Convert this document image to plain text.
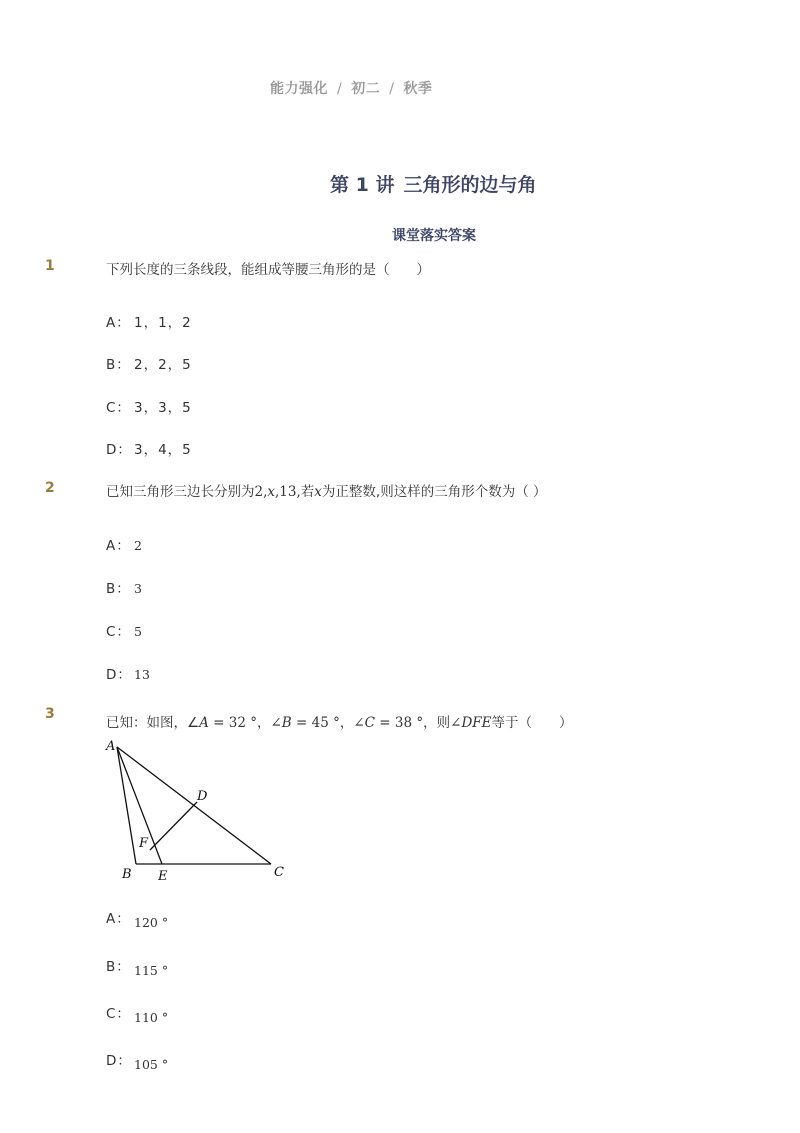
能力强化 / 初二 / 秋季
第 1 讲 三角形的边与角
课堂落实答案
1	下列长度的三条线段，能组成等腰三角形的是（　　）
A： 1，1，2
B： 2，2，5
C： 3，3，5
D： 3，4，5
2	已知三角形三边长分别为2,x,13,若x为正整数,则这样的三角形个数为（ ）
A： 2
B： 3
C： 5
D： 13
3
已知：如图，∠A = 32 °，∠B = 45 °，∠C = 38 °，则∠DFE等于（　　）
A
D
F
B E	C
A： 120 °
B： 115 °
C： 110 °
D： 105 °
